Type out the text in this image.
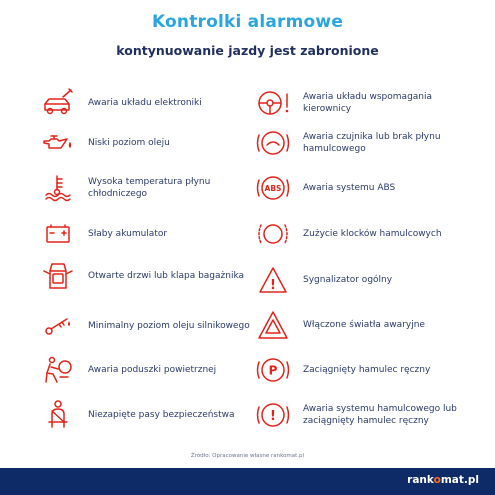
Kontrolki alarmowe
kontynuowanie jazdy jest zabronione
Awaria układu elektroniki
Niski poziom oleju
Wysoka temperatura płynu chłodniczego
Słaby akumulator
Otwarte drzwi lub klapa bagażnika
Minimalny poziom oleju silnikowego
Awaria poduszki powietrznej
Niezapięte pasy bezpieczeństwa
Awaria układu wspomagania kierownicy
Awaria czujnika lub brak płynu hamulcowego
ABS Awaria systemu ABS
Zużycie klocków hamulcowych
!	Sygnalizator ogólny
Włączone światła awaryjne
P	Zaciągnięty hamulec ręczny
!	Awaria systemu hamulcowego lub zaciągnięty hamulec ręczny
Źródło: Opracowanie własne rankomat.pl
rankomat.pl
